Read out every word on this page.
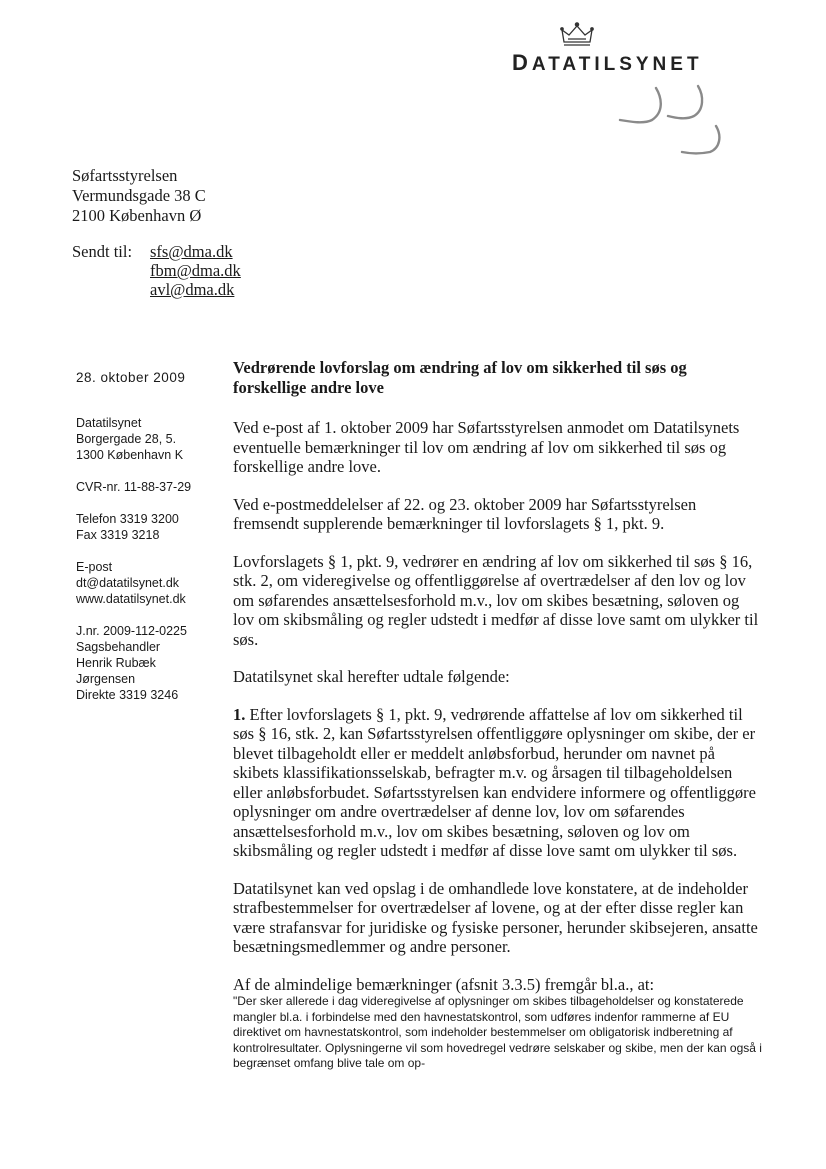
DATATILSYNET
Søfartsstyrelsen
Vermundsgade 38 C
2100 København Ø
Sendt til: sfs@dma.dk
fbm@dma.dk
avl@dma.dk
28. oktober 2009
Datatilsynet
Borgergade 28, 5.
1300 København K
CVR-nr. 11-88-37-29
Telefon 3319 3200
Fax 3319 3218
E-post
dt@datatilsynet.dk
www.datatilsynet.dk
J.nr. 2009-112-0225
Sagsbehandler
Henrik Rubæk
Jørgensen
Direkte 3319 3246
Vedrørende lovforslag om ændring af lov om sikkerhed til søs og forskellige andre love

Ved e-post af 1. oktober 2009 har Søfartsstyrelsen anmodet om Datatilsynets eventuelle bemærkninger til lov om ændring af lov om sikkerhed til søs og forskellige andre love.

Ved e-postmeddelelser af 22. og 23. oktober 2009 har Søfartsstyrelsen fremsendt supplerende bemærkninger til lovforslagets § 1, pkt. 9.

Lovforslagets § 1, pkt. 9, vedrører en ændring af lov om sikkerhed til søs § 16, stk. 2, om videregivelse og offentliggørelse af overtrædelser af den lov og lov om søfarendes ansættelsesforhold m.v., lov om skibes besætning, søloven og lov om skibsmåling og regler udstedt i medfør af disse love samt om ulykker til søs.

Datatilsynet skal herefter udtale følgende:

1. Efter lovforslagets § 1, pkt. 9, vedrørende affattelse af lov om sikkerhed til søs § 16, stk. 2, kan Søfartsstyrelsen offentliggøre oplysninger om skibe, der er blevet tilbageholdt eller er meddelt anløbsforbud, herunder om navnet på skibets klassifikationsselskab, befragter m.v. og årsagen til tilbageholdelsen eller anløbsforbudet. Søfartsstyrelsen kan endvidere informere og offentliggøre oplysninger om andre overtrædelser af denne lov, lov om søfarendes ansættelsesforhold m.v., lov om skibes besætning, søloven og lov om skibsmåling og regler udstedt i medfør af disse love samt om ulykker til søs.

Datatilsynet kan ved opslag i de omhandlede love konstatere, at de indeholder strafbestemmelser for overtrædelser af lovene, og at der efter disse regler kan være strafansvar for juridiske og fysiske personer, herunder skibsejeren, ansatte besætningsmedlemmer og andre personer.

Af de almindelige bemærkninger (afsnit 3.3.5) fremgår bl.a., at:

"Der sker allerede i dag videregivelse af oplysninger om skibes tilbageholdelser og konstaterede mangler bl.a. i forbindelse med den havnestatskontrol, som udføres indenfor rammerne af EU direktivet om havnestatskontrol, som indeholder bestemmelser om obligatorisk indberetning af kontrolresultater. Oplysningerne vil som hovedregel vedrøre selskaber og skibe, men der kan også i begrænset omfang blive tale om op-
